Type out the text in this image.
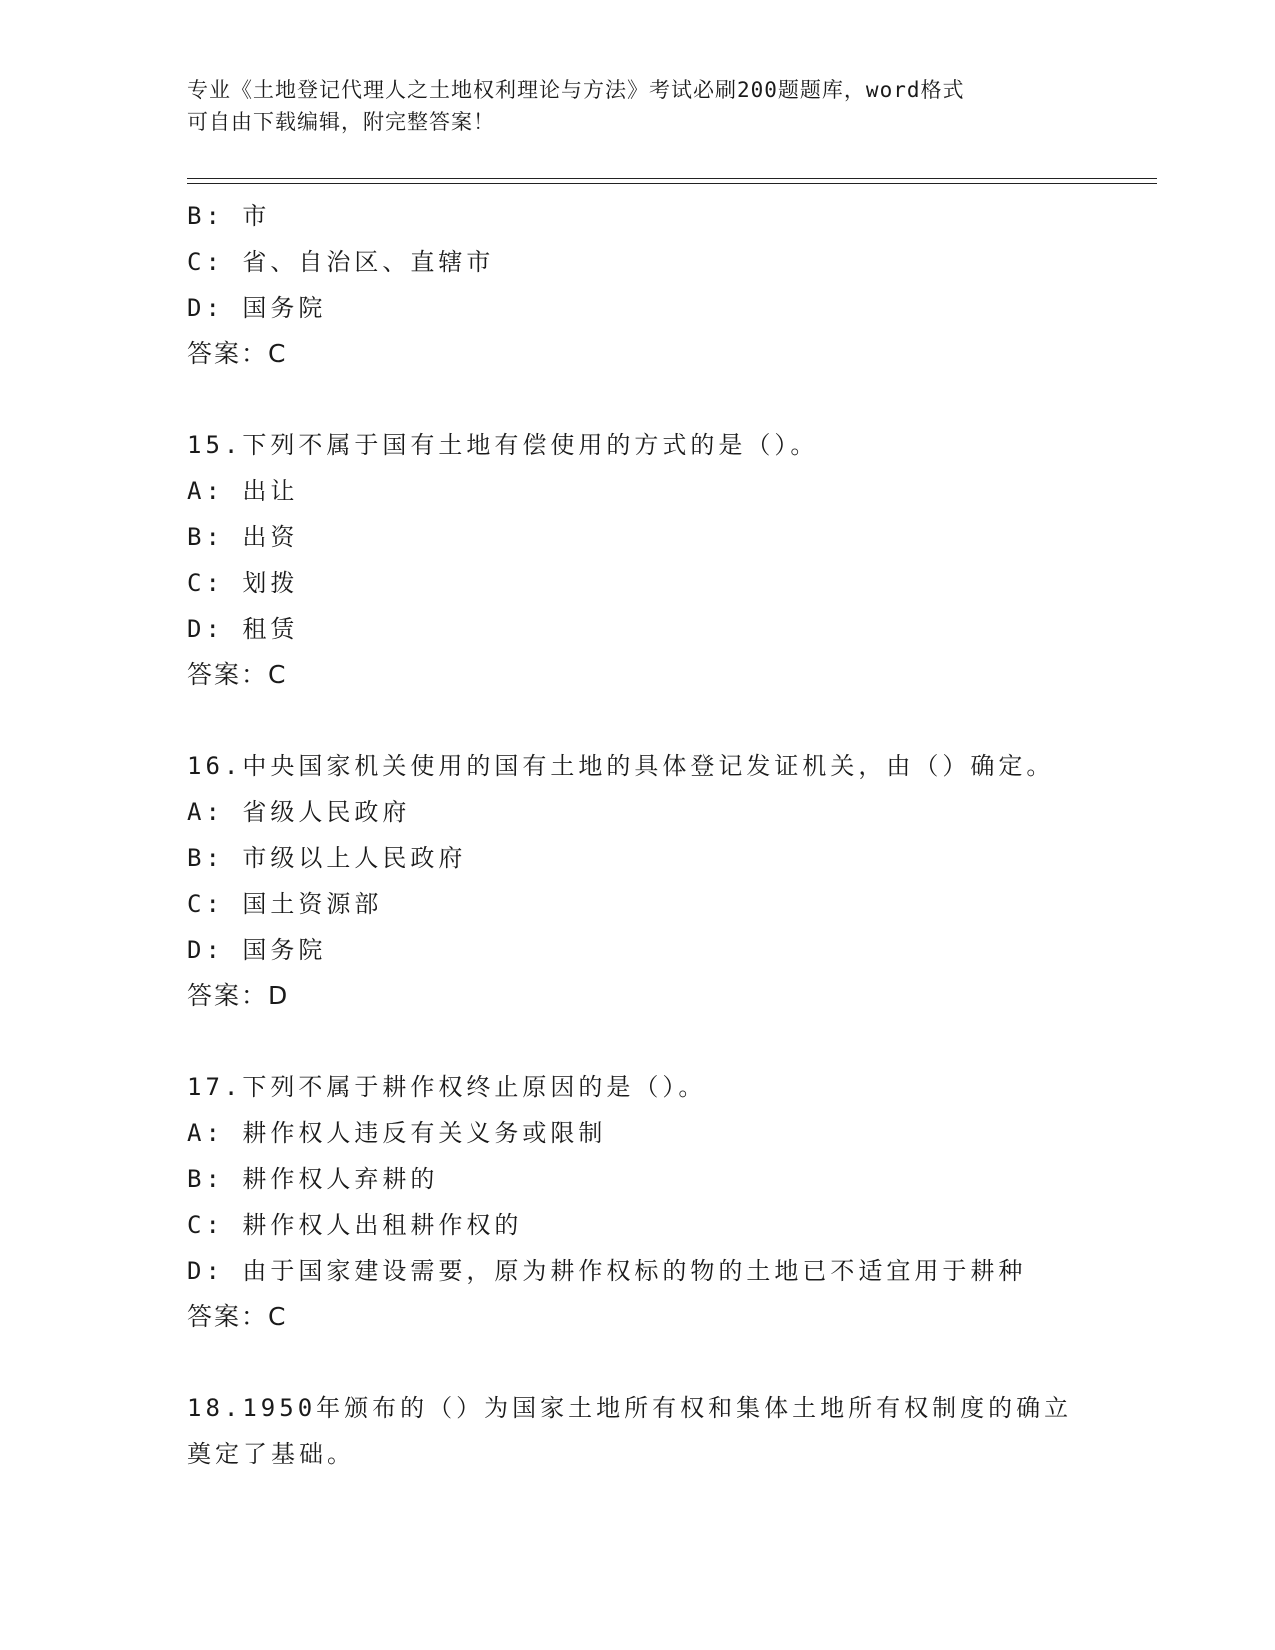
专业《土地登记代理人之土地权利理论与方法》考试必刷200题题库，word格式
可自由下载编辑，附完整答案！
B: 市
C: 省、自治区、直辖市
D: 国务院
答案：C
15.下列不属于国有土地有偿使用的方式的是（）。
A: 出让
B: 出资
C: 划拨
D: 租赁
答案：C
16.中央国家机关使用的国有土地的具体登记发证机关，由（）确定。
A: 省级人民政府
B: 市级以上人民政府
C: 国土资源部
D: 国务院
答案：D
17.下列不属于耕作权终止原因的是（）。
A: 耕作权人违反有关义务或限制
B: 耕作权人弃耕的
C: 耕作权人出租耕作权的
D: 由于国家建设需要，原为耕作权标的物的土地已不适宜用于耕种
答案：C
18.1950年颁布的（）为国家土地所有权和集体土地所有权制度的确立
奠定了基础。
